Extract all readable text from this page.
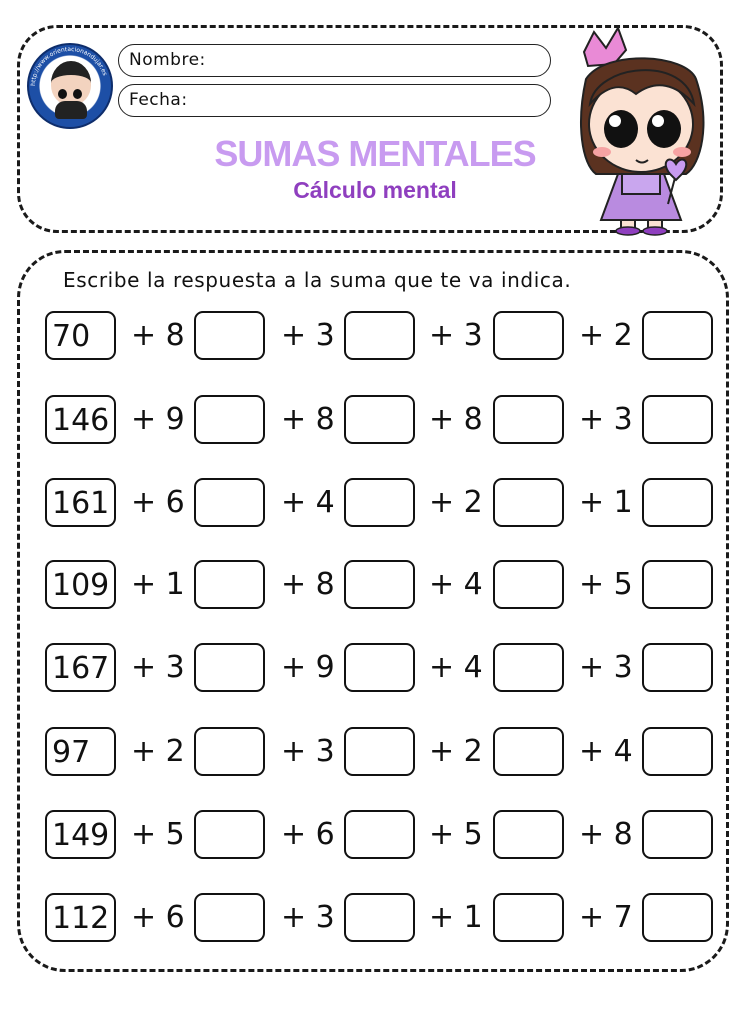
http://www.orientacionandujar.es
Nombre:
Fecha:
SUMAS MENTALES
Cálculo mental
Escribe la respuesta a la suma que te va indica.
70	+ 8	+ 3	+ 3	+ 2
146 + 9	+ 8	+ 8	+ 3
161 + 6	+ 4	+ 2	+ 1
109 + 1	+ 8	+ 4	+ 5
167 + 3	+ 9	+ 4	+ 3
97	+ 2	+ 3	+ 2	+ 4
149 + 5	+ 6	+ 5	+ 8
112 + 6	+ 3	+ 1	+ 7
